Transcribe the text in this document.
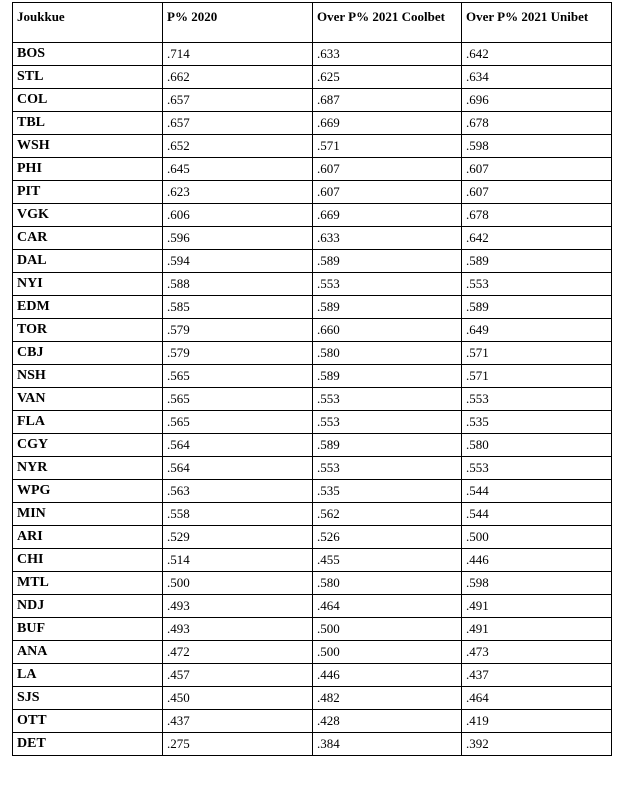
Joukkue	P% 2020	Over P% 2021 Coolbet	Over P% 2021 Unibet
BOS	.714	.633	.642
STL	.662	.625	.634
COL	.657	.687	.696
TBL	.657	.669	.678
WSH	.652	.571	.598
PHI	.645	.607	.607
PIT	.623	.607	.607
VGK	.606	.669	.678
CAR	.596	.633	.642
DAL	.594	.589	.589
NYI	.588	.553	.553
EDM	.585	.589	.589
TOR	.579	.660	.649
CBJ	.579	.580	.571
NSH	.565	.589	.571
VAN	.565	.553	.553
FLA	.565	.553	.535
CGY	.564	.589	.580
NYR	.564	.553	.553
WPG	.563	.535	.544
MIN	.558	.562	.544
ARI	.529	.526	.500
CHI	.514	.455	.446
MTL	.500	.580	.598
NDJ	.493	.464	.491
BUF	.493	.500	.491
ANA	.472	.500	.473
LA	.457	.446	.437
SJS	.450	.482	.464
OTT	.437	.428	.419
DET	.275	.384	.392
